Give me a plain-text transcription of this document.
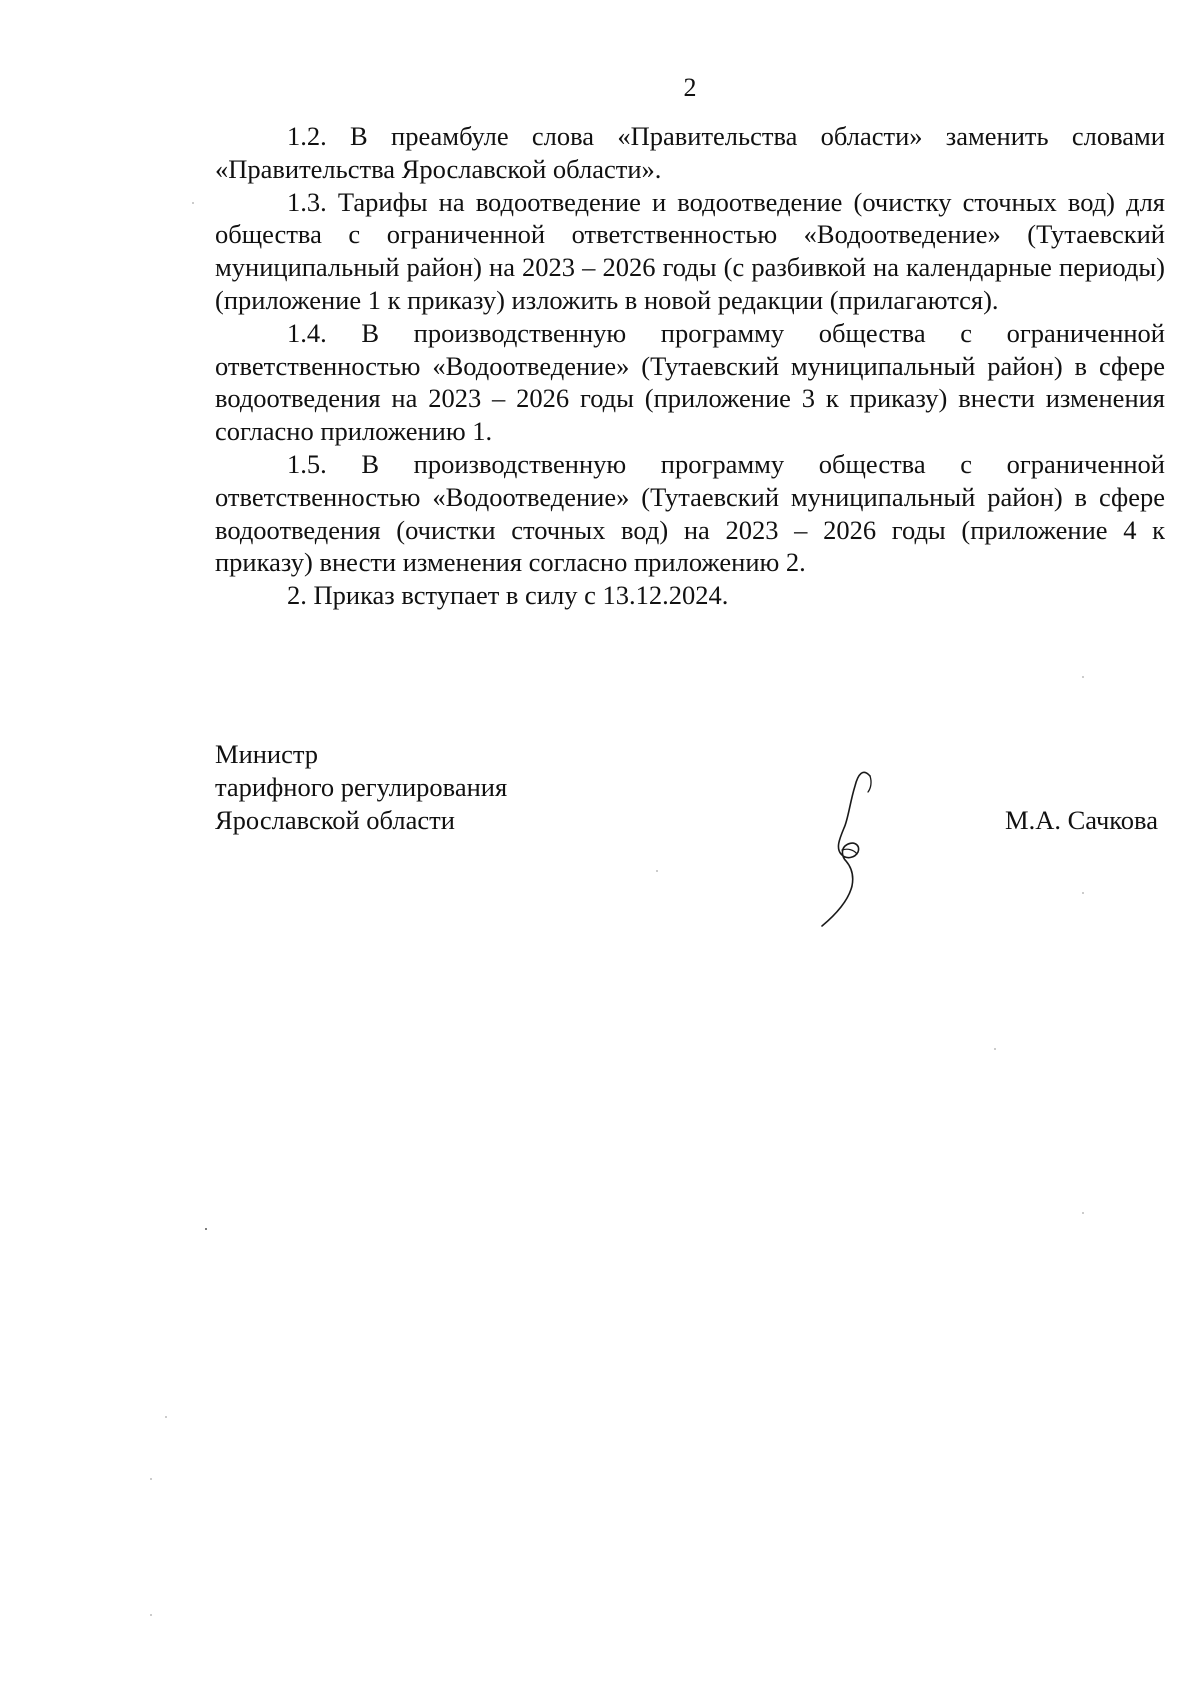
2

1.2. В преамбуле слова «Правительства области» заменить словами «Правительства Ярославской области».

1.3. Тарифы на водоотведение и водоотведение (очистку сточных вод) для общества с ограниченной ответственностью «Водоотведение» (Тутаевский муниципальный район) на 2023 – 2026 годы (с разбивкой на календарные периоды) (приложение 1 к приказу) изложить в новой редакции (прилагаются).

1.4. В производственную программу общества с ограниченной ответственностью «Водоотведение» (Тутаевский муниципальный район) в сфере водоотведения на 2023 – 2026 годы (приложение 3 к приказу) внести изменения согласно приложению 1.

1.5. В производственную программу общества с ограниченной ответственностью «Водоотведение» (Тутаевский муниципальный район) в сфере водоотведения (очистки сточных вод) на 2023 – 2026 годы (приложение 4 к приказу) внести изменения согласно приложению 2.

2. Приказ вступает в силу с 13.12.2024.

Министр
тарифного регулирования
Ярославской области	М.А. Сачкова
